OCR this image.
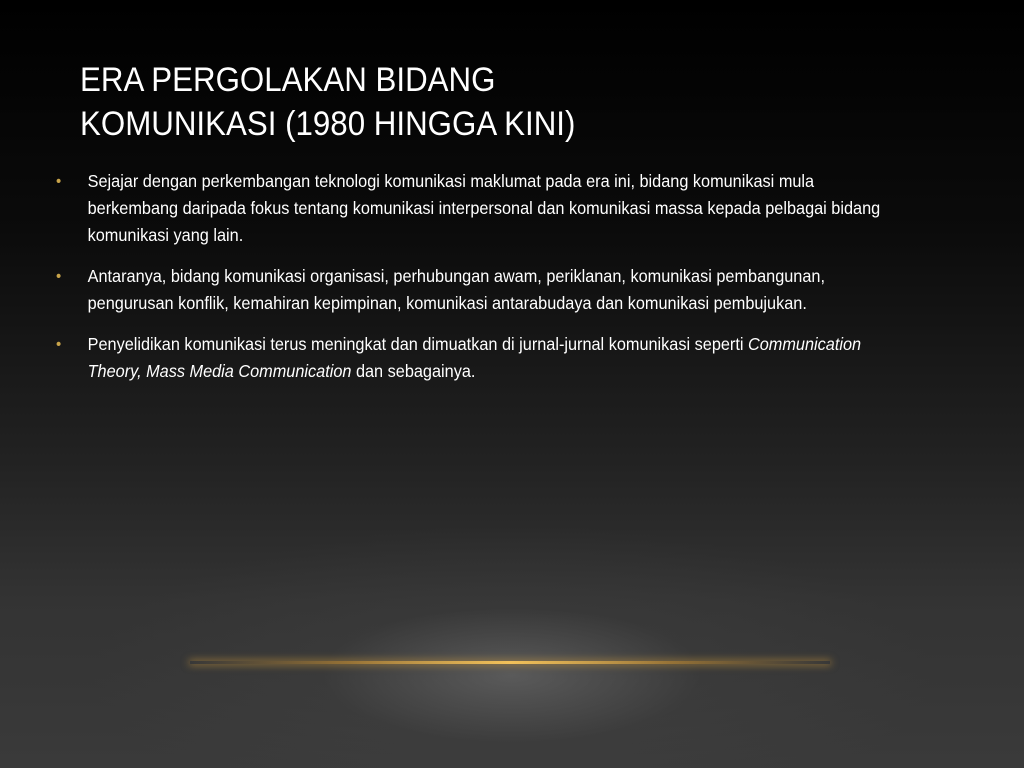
ERA PERGOLAKAN BIDANG
KOMUNIKASI (1980 HINGGA KINI)
• Sejajar dengan perkembangan teknologi komunikasi maklumat pada era ini, bidang komunikasi mula berkembang daripada fokus tentang komunikasi interpersonal dan komunikasi massa kepada pelbagai bidang komunikasi yang lain.

• Antaranya, bidang komunikasi organisasi, perhubungan awam, periklanan, komunikasi pembangunan, pengurusan konflik, kemahiran kepimpinan, komunikasi antarabudaya dan komunikasi pembujukan.

• Penyelidikan komunikasi terus meningkat dan dimuatkan di jurnal-jurnal komunikasi seperti Communication Theory, Mass Media Communication dan sebagainya.
